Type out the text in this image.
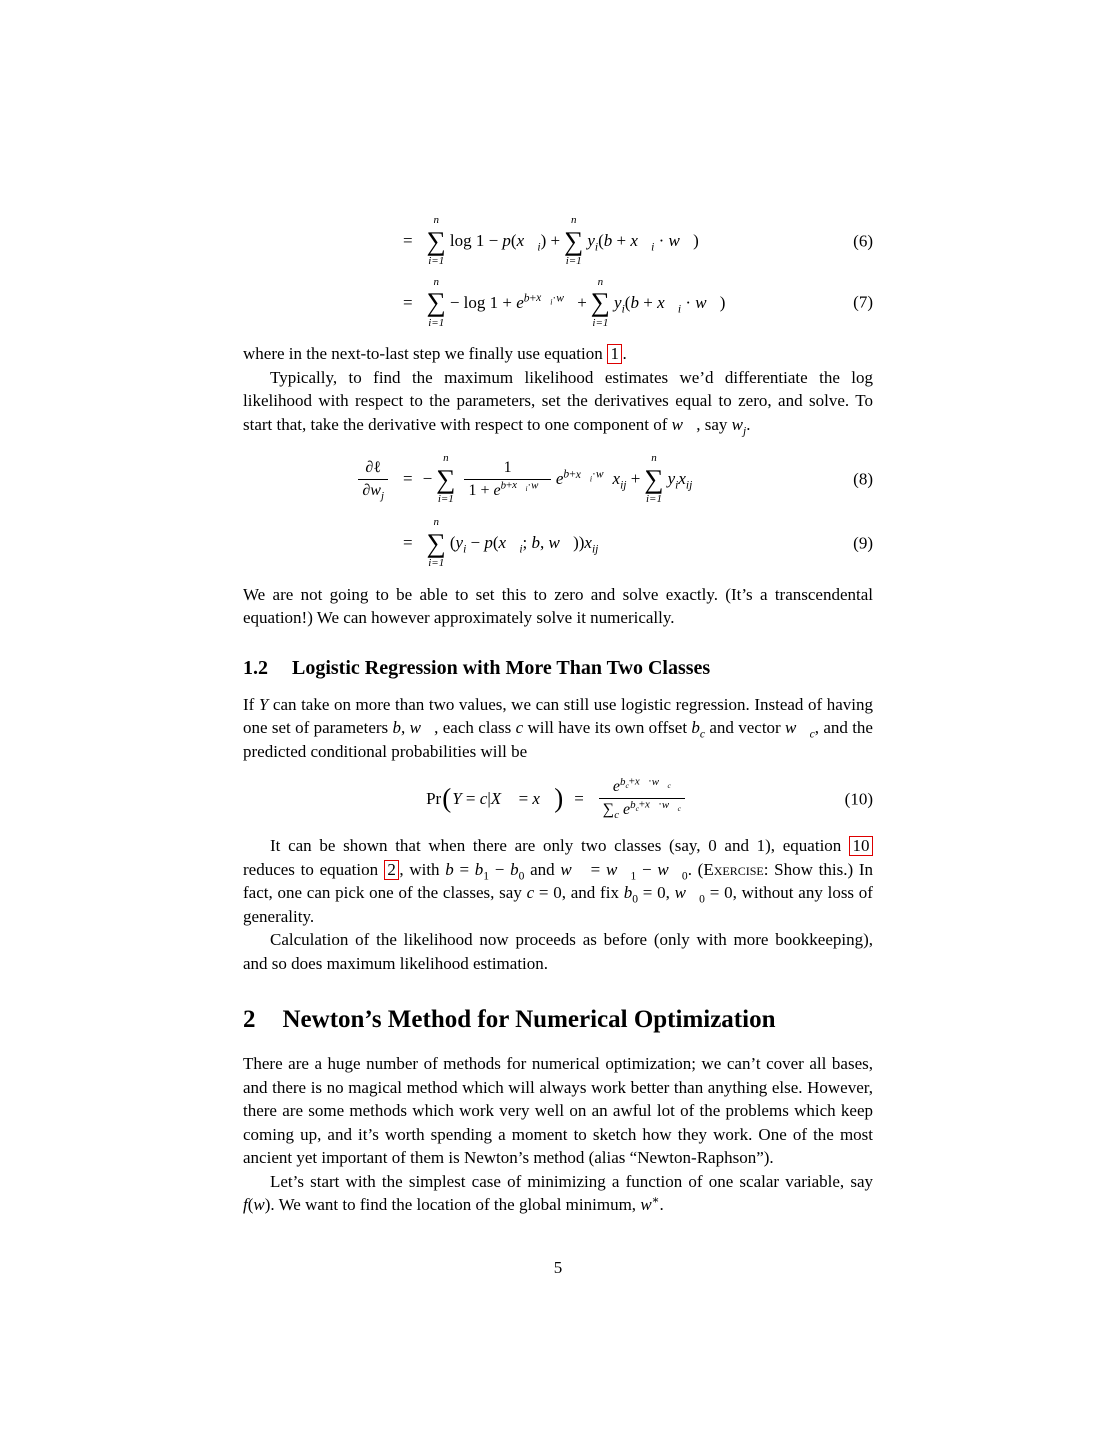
=
n
∑
i=1
$\log 1 - p(x⃗_i)$ +
n
∑
i=1
$y_i(b$ + $x⃗_i$ · w⃗)	(6)
=
n
∑
i=1
− $\log 1 + e^{b+x⃗_i\cdot w⃗}$ +
n
∑
i=1
$y_i(b$ + $x⃗_i$ · w⃗)	(7)

where in the next-to-last step we finally use equation 1 .

Typically, to find the maximum likelihood estimates we’d differentiate the log likelihood with respect to the parameters, set the derivatives equal to zero, and solve. To start that, take the derivative with respect to one component of w⃗, say $w_j$.

$\frac{\text{∂ℓ}}{\partial w_j}$ = −
n
∑
$i=1 \frac{1}{1 + e^{b+x⃗_i\cdot w⃗}} e^{b+x⃗_i\cdot w⃗}x_{ij}$ +
n
∑
i=1
$y_ix_{ij}$	(8)
=
n
∑
i=1
($y_i$ − $p(x⃗_i$; b, $w⃗))x_{ij}$	(9)

We are not going to be able to set this to zero and solve exactly. (It’s a transcendental equation!) We can however approximately solve it numerically.

1.2 Logistic Regression with More Than Two Classes

If Y can take on more than two values, we can still use logistic regression. Instead of having one set of parameters b, w⃗, each class c will have its own offset $b_c$ and vector $w⃗_c$, and the predicted conditional probabilities will be

Pr ( Y = c|X⃗ = x⃗ ) = $\frac{e^{b_c+x⃗\cdot w⃗_c}}{\sum_c e^{b_c+x⃗\cdot w⃗_c}}$	(10)

It can be shown that when there are only two classes (say, 0 and 1), equation 10 reduces to equation 2 , with $b = b_1 - b_0$ and w⃗ = $w⃗_1$ − $w⃗_0$. (Exercise: Show this.) In fact, one can pick one of the classes, say c = 0, and fix $b_0 = 0$, $w⃗_0 = 0$, without any loss of generality.

Calculation of the likelihood now proceeds as before (only with more bookkeeping), and so does maximum likelihood estimation.

2 Newton’s Method for Numerical Optimization

There are a huge number of methods for numerical optimization; we can’t cover all bases, and there is no magical method which will always work better than anything else. However, there are some methods which work very well on an awful lot of the problems which keep coming up, and it’s worth spending a moment to sketch how they work. One of the most ancient yet important of them is Newton’s method (alias “Newton-Raphson”).

Let’s start with the simplest case of minimizing a function of one scalar variable, say f(w). We want to find the location of the global minimum, w∗.

5
